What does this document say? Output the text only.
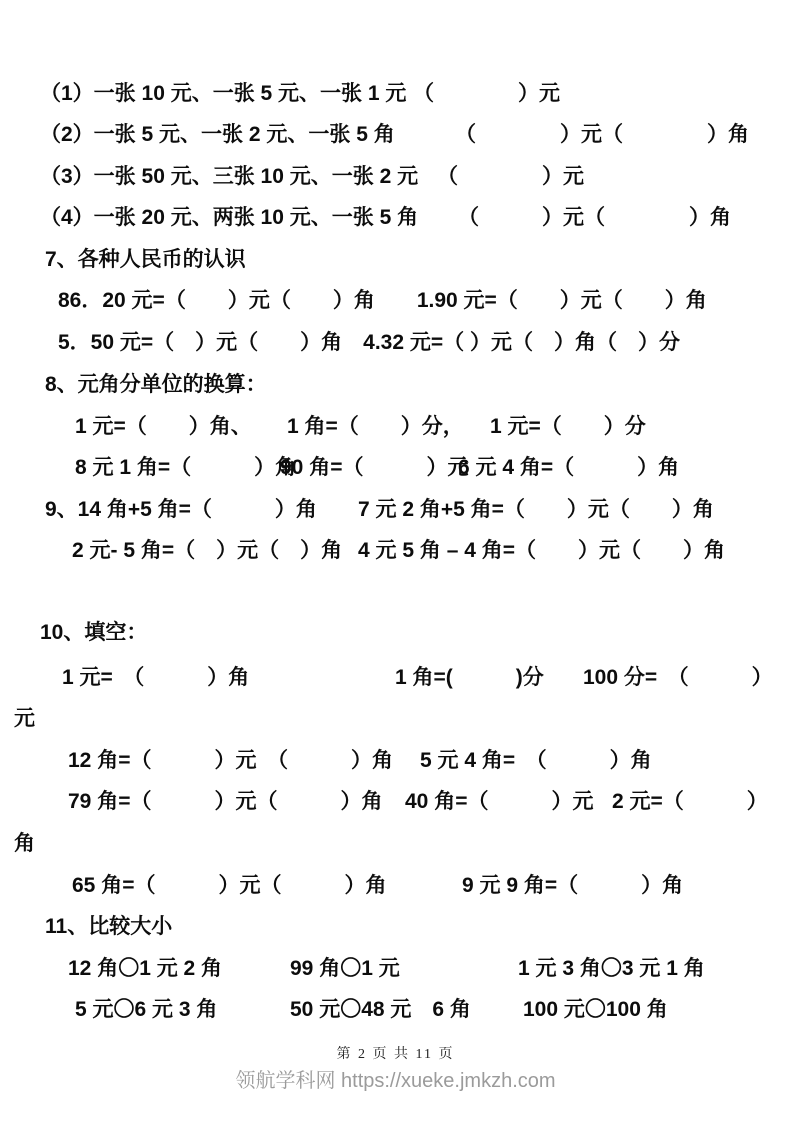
（1）一张 10 元、一张 5 元、一张 1 元

（　　　　）元

（2）一张 5 元、一张 2 元、一张 5 角

	（　　　　）元（　　　　）角

（3）一张 50 元、三张 10 元、一张 2 元

（　　　　）元

（4）一张 20 元、两张 10 元、一张 5 角

（　　　）元（　　　　）角

7、各种人民币的认识

86．20 元=（　　）元（　　）角　　1.90 元=（　　）元（　　）角

5．50 元=（　）元（　　）角　4.32 元=（ ）元（　）角（　）分

8、元角分单位的换算：

1 元=（　　）角、

1 角=（　　）分，

1 元=（　　）分

8 元 1 角=（　　　）角

90 角=（　　　）元

6 元 4 角=（　　　）角

9、14 角+5 角=（　　　）角

7 元 2 角+5 角=（　　）元（　　）角

2 元- 5 角=（　）元（　）角

4 元 5 角 – 4 角=（　　）元（　　）角

10、填空：

1 元=　（　　　）角

	1 角=(　　　)分

100 分=　（　　　）

元

12 角=（　　　）元　（　　　）角

5 元 4 角=　（　　　）角

79 角=（　　　）元（　　　）角

40 角=（　　　）元

2 元=（　　　）

角

65 角=（　　　）元（　　　）角

	9 元 9 角=（　　　）角

11、比较大小

12 角〇1 元 2 角

	99 角〇1 元

	1 元 3 角〇3 元 1 角

5 元〇6 元 3 角

	50 元〇48 元　6 角

100 元〇100 角

第 2 页 共 11 页
领航学科网 https://xueke.jmkzh.com
